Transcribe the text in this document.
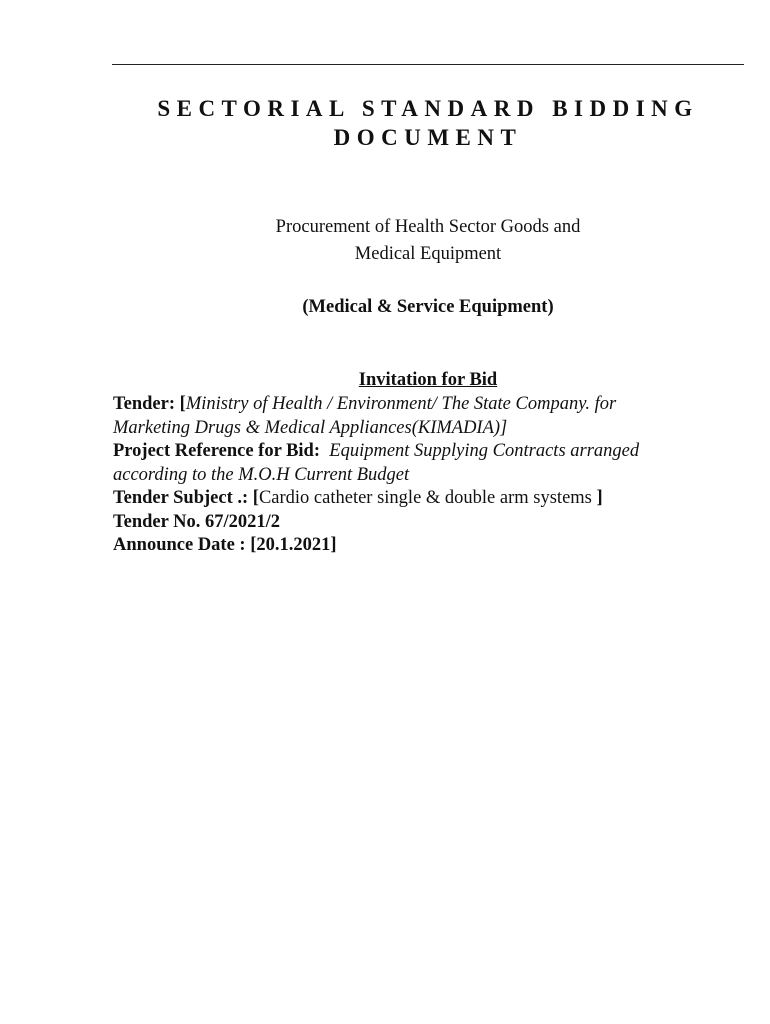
SECTORIAL STANDARD BIDDING
DOCUMENT
Procurement of Health Sector Goods and
Medical Equipment
(Medical & Service Equipment)
Invitation for Bid
Tender: [Ministry of Health / Environment/ The State Company. for
Marketing Drugs & Medical Appliances(KIMADIA)]
Project Reference for Bid: Equipment Supplying Contracts arranged
according to the M.O.H Current Budget
Tender Subject .: [Cardio catheter single & double arm systems ]
Tender No. 67/2021/2
Announce Date : [20.1.2021]
